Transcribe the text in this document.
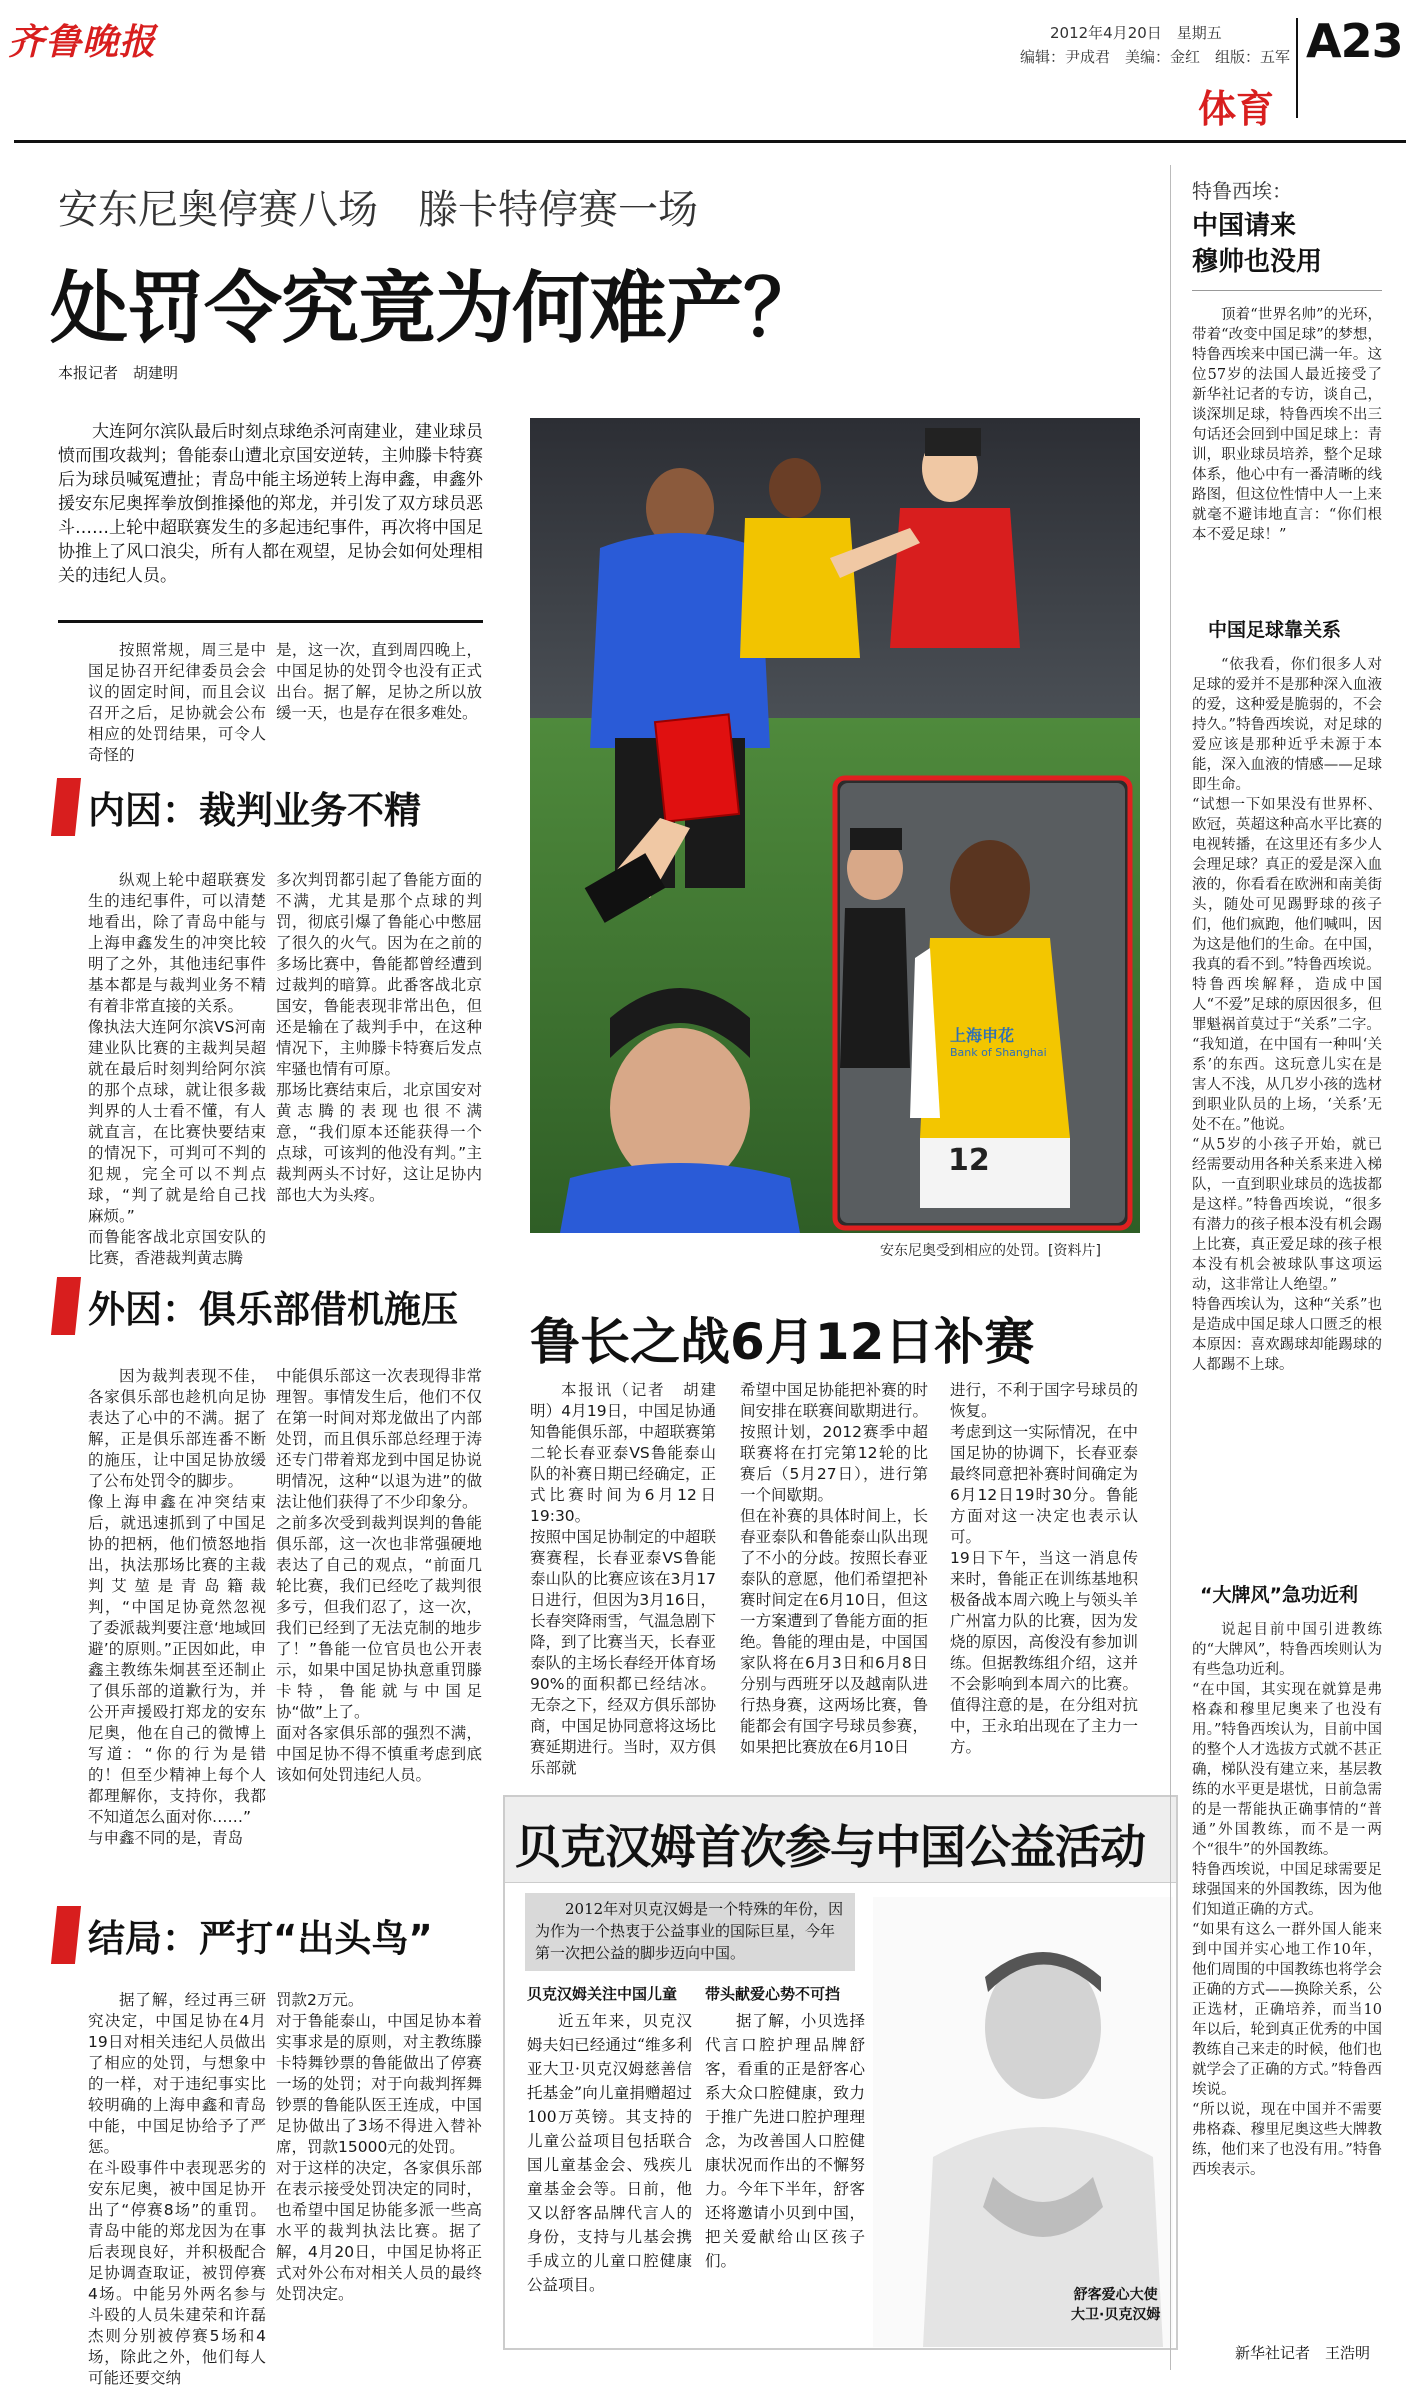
齐鲁晚报	2012年4月20日　星期五
编辑：尹成君　美编：金红　组版：五军 A23
体育
安东尼奥停赛八场　滕卡特停赛一场
处罚令究竟为何难产？
本报记者　胡建明
大连阿尔滨队最后时刻点球绝杀河南建业，建业球员愤而围攻裁判；鲁能泰山遭北京国安逆转，主帅滕卡特赛后为球员喊冤遭扯；青岛中能主场逆转上海申鑫，申鑫外援安东尼奥挥拳放倒推搡他的郑龙，并引发了双方球员恶斗……上轮中超联赛发生的多起违纪事件，再次将中国足协推上了风口浪尖，所有人都在观望，足协会如何处理相关的违纪人员。
按照常规，周三是中国足协召开纪律委员会会议的固定时间，而且会议召开之后，足协就会公布相应的处罚结果，可令人奇怪的
是，这一次，直到周四晚上，中国足协的处罚令也没有正式出台。据了解，足协之所以放缓一天，也是存在很多难处。
内因：裁判业务不精
纵观上轮中超联赛发生的违纪事件，可以清楚地看出，除了青岛中能与上海申鑫发生的冲突比较明了之外，其他违纪事件基本都是与裁判业务不精有着非常直接的关系。
像执法大连阿尔滨VS河南建业队比赛的主裁判吴超就在最后时刻判给阿尔滨的那个点球，就让很多裁判界的人士看不懂，有人就直言，在比赛快要结束的情况下，可判可不判的犯规，完全可以不判点球，“判了就是给自己找麻烦。”
而鲁能客战北京国安队的比赛，香港裁判黄志腾
多次判罚都引起了鲁能方面的不满，尤其是那个点球的判罚，彻底引爆了鲁能心中憋屈了很久的火气。因为在之前的多场比赛中，鲁能都曾经遭到过裁判的暗算。此番客战北京国安，鲁能表现非常出色，但还是输在了裁判手中，在这种情况下，主帅滕卡特赛后发点牢骚也情有可原。
那场比赛结束后，北京国安对黄志腾的表现也很不满意，“我们原本还能获得一个点球，可该判的他没有判。”主裁判两头不讨好，这让足协内部也大为头疼。
外因：俱乐部借机施压
因为裁判表现不佳，各家俱乐部也趁机向足协表达了心中的不满。据了解，正是俱乐部连番不断的施压，让中国足协放缓了公布处罚令的脚步。
像上海申鑫在冲突结束后，就迅速抓到了中国足协的把柄，他们愤怒地指出，执法那场比赛的主裁判艾堃是青岛籍裁判，“中国足协竟然忽视了委派裁判要注意‘地域回避’的原则。”正因如此，申鑫主教练朱炯甚至还制止了俱乐部的道歉行为，并公开声援殴打郑龙的安东尼奥，他在自己的微博上写道：“你的行为是错的！但至少精神上每个人都理解你，支持你，我都不知道怎么面对你……”
与申鑫不同的是，青岛
中能俱乐部这一次表现得非常理智。事情发生后，他们不仅在第一时间对郑龙做出了内部处罚，而且俱乐部总经理于涛还专门带着郑龙到中国足协说明情况，这种“以退为进”的做法让他们获得了不少印象分。
之前多次受到裁判误判的鲁能俱乐部，这一次也非常强硬地表达了自己的观点，“前面几轮比赛，我们已经吃了裁判很多亏，但我们忍了，这一次，我们已经到了无法克制的地步了！”鲁能一位官员也公开表示，如果中国足协执意重罚滕卡特，鲁能就与中国足协“做”上了。
面对各家俱乐部的强烈不满，中国足协不得不慎重考虑到底该如何处罚违纪人员。
结局：严打“出头鸟”
据了解，经过再三研究决定，中国足协在4月19日对相关违纪人员做出了相应的处罚，与想象中的一样，对于违纪事实比较明确的上海申鑫和青岛中能，中国足协给予了严惩。
在斗殴事件中表现恶劣的安东尼奥，被中国足协开出了“停赛8场”的重罚。青岛中能的郑龙因为在事后表现良好，并积极配合足协调查取证，被罚停赛4场。中能另外两名参与斗殴的人员朱建荣和许磊杰则分别被停赛5场和4场，除此之外，他们每人可能还要交纳
罚款2万元。
对于鲁能泰山，中国足协本着实事求是的原则，对主教练滕卡特舞钞票的鲁能做出了停赛一场的处罚；对于向裁判挥舞钞票的鲁能队医王连成，中国足协做出了3场不得进入替补席，罚款15000元的处罚。
对于这样的决定，各家俱乐部在表示接受处罚决定的同时，也希望中国足协能多派一些高水平的裁判执法比赛。据了解，4月20日，中国足协将正式对外公布对相关人员的最终处罚决定。
上海申花
Bank of Shanghai
12
安东尼奥受到相应的处罚。[资料片]
鲁长之战6月12日补赛
本报讯（记者　胡建明）4月19日，中国足协通知鲁能俱乐部，中超联赛第二轮长春亚泰VS鲁能泰山队的补赛日期已经确定，正式比赛时间为6月12日19:30。
按照中国足协制定的中超联赛赛程，长春亚泰VS鲁能泰山队的比赛应该在3月17日进行，但因为3月16日，长春突降雨雪，气温急剧下降，到了比赛当天，长春亚泰队的主场长春经开体育场90%的面积都已经结冰。无奈之下，经双方俱乐部协商，中国足协同意将这场比赛延期进行。当时，双方俱乐部就
希望中国足协能把补赛的时间安排在联赛间歇期进行。按照计划，2012赛季中超联赛将在打完第12轮的比赛后（5月27日），进行第一个间歇期。
但在补赛的具体时间上，长春亚泰队和鲁能泰山队出现了不小的分歧。按照长春亚泰队的意愿，他们希望把补赛时间定在6月10日，但这一方案遭到了鲁能方面的拒绝。鲁能的理由是，中国国家队将在6月3日和6月8日分别与西班牙以及越南队进行热身赛，这两场比赛，鲁能都会有国字号球员参赛，如果把比赛放在6月10日
进行，不利于国字号球员的恢复。
考虑到这一实际情况，在中国足协的协调下，长春亚泰最终同意把补赛时间确定为6月12日19时30分。鲁能方面对这一决定也表示认可。
19日下午，当这一消息传来时，鲁能正在训练基地积极备战本周六晚上与领头羊广州富力队的比赛，因为发烧的原因，高俊没有参加训练。但据教练组介绍，这并不会影响到本周六的比赛。值得注意的是，在分组对抗中，王永珀出现在了主力一方。
贝克汉姆首次参与中国公益活动
2012年对贝克汉姆是一个特殊的年份，因为作为一个热衷于公益事业的国际巨星，今年第一次把公益的脚步迈向中国。
贝克汉姆关注中国儿童
近五年来，贝克汉姆夫妇已经通过“维多利亚大卫·贝克汉姆慈善信托基金”向儿童捐赠超过100万英镑。其支持的儿童公益项目包括联合国儿童基金会、残疾儿童基金会等。日前，他又以舒客品牌代言人的身份，支持与儿基会携手成立的儿童口腔健康公益项目。
带头献爱心势不可挡
据了解，小贝选择代言口腔护理品牌舒客，看重的正是舒客心系大众口腔健康，致力于推广先进口腔护理理念，为改善国人口腔健康状况而作出的不懈努力。今年下半年，舒客还将邀请小贝到中国，把关爱献给山区孩子们。
舒客爱心大使
大卫·贝克汉姆
特鲁西埃：
中国请来
穆帅也没用
顶着“世界名帅”的光环，带着“改变中国足球”的梦想，特鲁西埃来中国已满一年。这位57岁的法国人最近接受了新华社记者的专访，谈自己，谈深圳足球，特鲁西埃不出三句话还会回到中国足球上：青训，职业球员培养，整个足球体系，他心中有一番清晰的线路图，但这位性情中人一上来就毫不避讳地直言：“你们根本不爱足球！”
中国足球靠关系
“依我看，你们很多人对足球的爱并不是那种深入血液的爱，这种爱是脆弱的，不会持久。”特鲁西埃说，对足球的爱应该是那种近乎未源于本能，深入血液的情感——足球即生命。
“试想一下如果没有世界杯、欧冠，英超这种高水平比赛的电视转播，在这里还有多少人会理足球？真正的爱是深入血液的，你看看在欧洲和南美街头，随处可见踢野球的孩子们，他们疯跑，他们喊叫，因为这是他们的生命。在中国，我真的看不到。”特鲁西埃说。
特鲁西埃解释，造成中国人“不爱”足球的原因很多，但罪魁祸首莫过于“关系”二字。
“我知道，在中国有一种叫‘关系’的东西。这玩意儿实在是害人不浅，从几岁小孩的选材到职业队员的上场，‘关系’无处不在。”他说。
“从5岁的小孩子开始，就已经需要动用各种关系来进入梯队，一直到职业球员的选拔都是这样。”特鲁西埃说，“很多有潜力的孩子根本没有机会踢上比赛，真正爱足球的孩子根本没有机会被球队事这项运动，这非常让人绝望。”
特鲁西埃认为，这种“关系”也是造成中国足球人口匮乏的根本原因：喜欢踢球却能踢球的人都踢不上球。
“大牌风”急功近利
说起目前中国引进教练的“大牌风”，特鲁西埃则认为有些急功近利。
“在中国，其实现在就算是弗格森和穆里尼奥来了也没有用。”特鲁西埃认为，目前中国的整个人才选拔方式就不甚正确，梯队没有建立来，基层教练的水平更是堪忧，日前急需的是一帮能执正确事情的“普通”外国教练，而不是一两个“很牛”的外国教练。
特鲁西埃说，中国足球需要足球强国来的外国教练，因为他们知道正确的方式。
“如果有这么一群外国人能来到中国并实心地工作10年，他们周围的中国教练也将学会正确的方式——换除关系，公正选材，正确培养，而当10年以后，轮到真正优秀的中国教练自己来走的时候，他们也就学会了正确的方式。”特鲁西埃说。
“所以说，现在中国并不需要弗格森、穆里尼奥这些大牌教练，他们来了也没有用。”特鲁西埃表示。
新华社记者　王浩明
